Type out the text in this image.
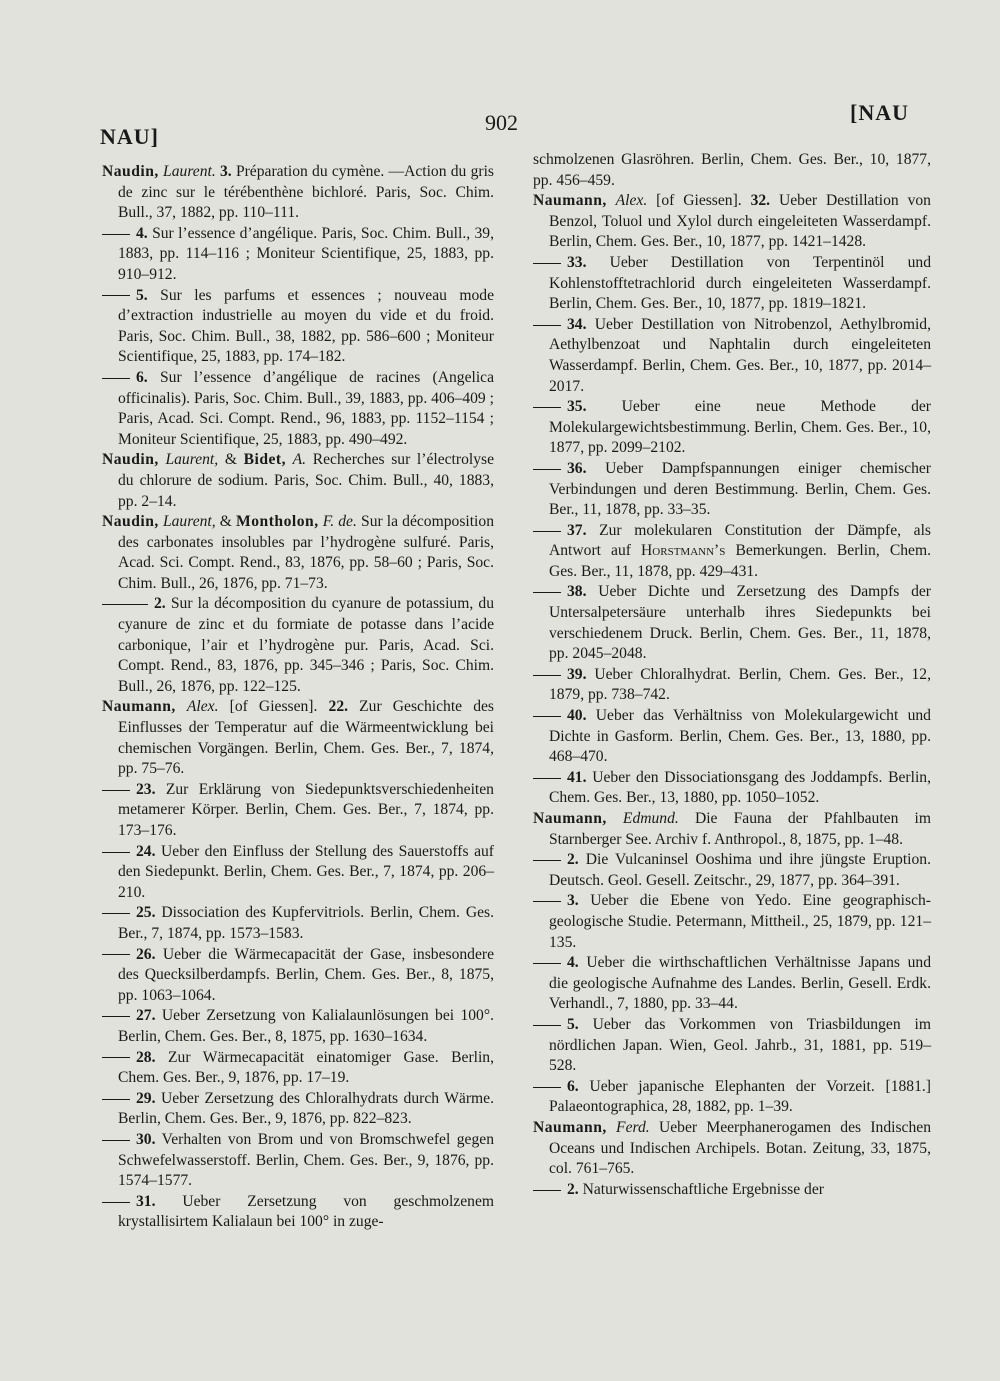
NAU]
902	[NAU

Naudin, Laurent. 3. Préparation du cymène. —Action du gris de zinc sur le térébenthène bichloré. Paris, Soc. Chim. Bull., 37, 1882, pp. 110–111.

4. Sur l’essence d’angélique. Paris, Soc. Chim. Bull., 39, 1883, pp. 114–116 ; Moniteur Scientifique, 25, 1883, pp. 910–912.

5. Sur les parfums et essences ; nouveau mode d’extraction industrielle au moyen du vide et du froid. Paris, Soc. Chim. Bull., 38, 1882, pp. 586–600 ; Moniteur Scientifique, 25, 1883, pp. 174–182.

6. Sur l’essence d’angélique de racines (Angelica officinalis). Paris, Soc. Chim. Bull., 39, 1883, pp. 406–409 ; Paris, Acad. Sci. Compt. Rend., 96, 1883, pp. 1152–1154 ; Moniteur Scientifique, 25, 1883, pp. 490–492.

Naudin, Laurent, & Bidet, A. Recherches sur l’électrolyse du chlorure de sodium. Paris, Soc. Chim. Bull., 40, 1883, pp. 2–14.

Naudin, Laurent, & Montholon, F. de. Sur la décomposition des carbonates insolubles par l’hydrogène sulfuré. Paris, Acad. Sci. Compt. Rend., 83, 1876, pp. 58–60 ; Paris, Soc. Chim. Bull., 26, 1876, pp. 71–73.

2. Sur la décomposition du cyanure de potassium, du cyanure de zinc et du formiate de potasse dans l’acide carbonique, l’air et l’hydrogène pur. Paris, Acad. Sci. Compt. Rend., 83, 1876, pp. 345–346 ; Paris, Soc. Chim. Bull., 26, 1876, pp. 122–125.

Naumann, Alex. [of Giessen]. 22. Zur Geschichte des Einflusses der Temperatur auf die Wärmeentwicklung bei chemischen Vorgängen. Berlin, Chem. Ges. Ber., 7, 1874, pp. 75–76.

23. Zur Erklärung von Siedepunktsverschiedenheiten metamerer Körper. Berlin, Chem. Ges. Ber., 7, 1874, pp. 173–176.

24. Ueber den Einfluss der Stellung des Sauerstoffs auf den Siedepunkt. Berlin, Chem. Ges. Ber., 7, 1874, pp. 206–210.

25. Dissociation des Kupfervitriols. Berlin, Chem. Ges. Ber., 7, 1874, pp. 1573–1583.

26. Ueber die Wärmecapacität der Gase, insbesondere des Quecksilberdampfs. Berlin, Chem. Ges. Ber., 8, 1875, pp. 1063–1064.

27. Ueber Zersetzung von Kalialaunlösungen bei 100°. Berlin, Chem. Ges. Ber., 8, 1875, pp. 1630–1634.

28. Zur Wärmecapacität einatomiger Gase. Berlin, Chem. Ges. Ber., 9, 1876, pp. 17–19.

29. Ueber Zersetzung des Chloralhydrats durch Wärme. Berlin, Chem. Ges. Ber., 9, 1876, pp. 822–823.

30. Verhalten von Brom und von Bromschwefel gegen Schwefelwasserstoff. Berlin, Chem. Ges. Ber., 9, 1876, pp. 1574–1577.

31. Ueber Zersetzung von geschmolzenem krystallisirtem Kalialaun bei 100° in zuge-

schmolzenen Glasröhren. Berlin, Chem. Ges. Ber., 10, 1877, pp. 456–459.

Naumann, Alex. [of Giessen]. 32. Ueber Destillation von Benzol, Toluol und Xylol durch eingeleiteten Wasserdampf. Berlin, Chem. Ges. Ber., 10, 1877, pp. 1421–1428.

33. Ueber Destillation von Terpentinöl und Kohlenstofftetrachlorid durch eingeleiteten Wasserdampf. Berlin, Chem. Ges. Ber., 10, 1877, pp. 1819–1821.

34. Ueber Destillation von Nitrobenzol, Aethylbromid, Aethylbenzoat und Naphtalin durch eingeleiteten Wasserdampf. Berlin, Chem. Ges. Ber., 10, 1877, pp. 2014–2017.

35. Ueber eine neue Methode der Molekulargewichtsbestimmung. Berlin, Chem. Ges. Ber., 10, 1877, pp. 2099–2102.

36. Ueber Dampfspannungen einiger chemischer Verbindungen und deren Bestimmung. Berlin, Chem. Ges. Ber., 11, 1878, pp. 33–35.

37. Zur molekularen Constitution der Dämpfe, als Antwort auf Horstmann’s Bemerkungen. Berlin, Chem. Ges. Ber., 11, 1878, pp. 429–431.

38. Ueber Dichte und Zersetzung des Dampfs der Untersalpetersäure unterhalb ihres Siedepunkts bei verschiedenem Druck. Berlin, Chem. Ges. Ber., 11, 1878, pp. 2045–2048.

39. Ueber Chloralhydrat. Berlin, Chem. Ges. Ber., 12, 1879, pp. 738–742.

40. Ueber das Verhältniss von Molekulargewicht und Dichte in Gasform. Berlin, Chem. Ges. Ber., 13, 1880, pp. 468–470.

41. Ueber den Dissociationsgang des Joddampfs. Berlin, Chem. Ges. Ber., 13, 1880, pp. 1050–1052.

Naumann, Edmund. Die Fauna der Pfahlbauten im Starnberger See. Archiv f. Anthropol., 8, 1875, pp. 1–48.

2. Die Vulcaninsel Ooshima und ihre jüngste Eruption. Deutsch. Geol. Gesell. Zeitschr., 29, 1877, pp. 364–391.

3. Ueber die Ebene von Yedo. Eine geographisch-geologische Studie. Petermann, Mittheil., 25, 1879, pp. 121–135.

4. Ueber die wirthschaftlichen Verhältnisse Japans und die geologische Aufnahme des Landes. Berlin, Gesell. Erdk. Verhandl., 7, 1880, pp. 33–44.

5. Ueber das Vorkommen von Triasbildungen im nördlichen Japan. Wien, Geol. Jahrb., 31, 1881, pp. 519–528.

6. Ueber japanische Elephanten der Vorzeit. [1881.] Palaeontographica, 28, 1882, pp. 1–39.

Naumann, Ferd. Ueber Meerphanerogamen des Indischen Oceans und Indischen Archipels. Botan. Zeitung, 33, 1875, col. 761–765.

2. Naturwissenschaftliche Ergebnisse der
